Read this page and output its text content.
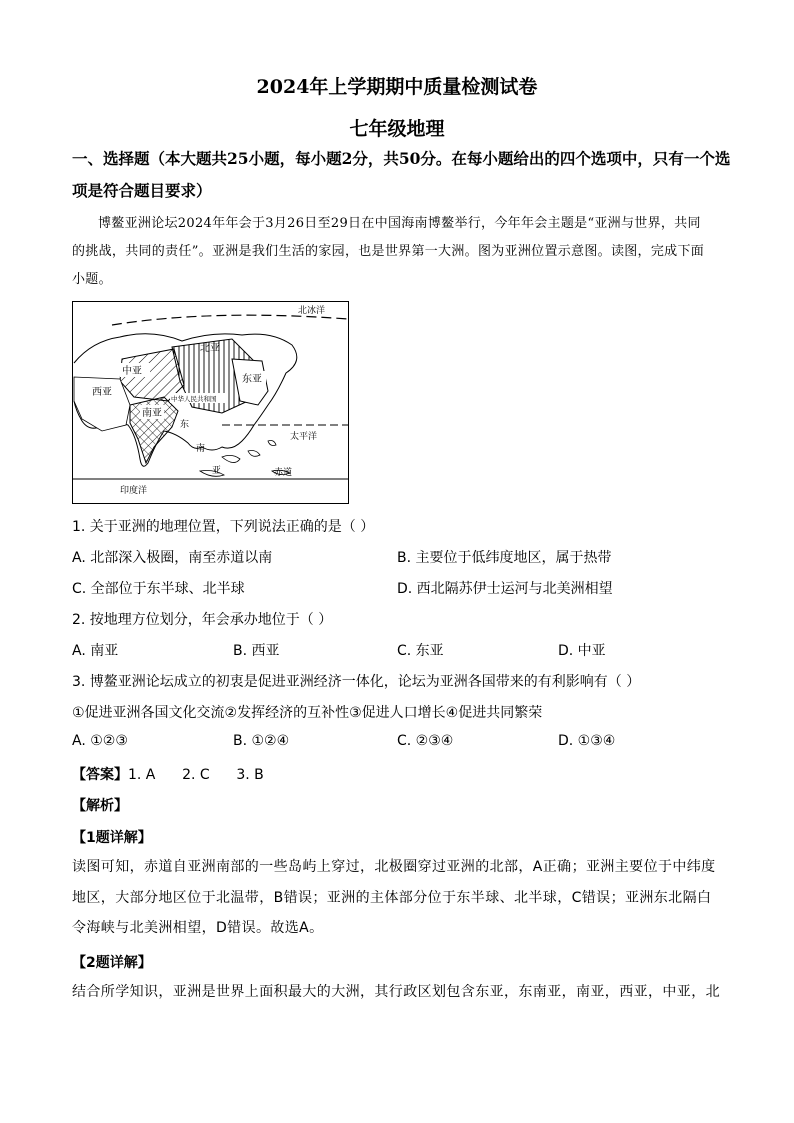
2024年上学期期中质量检测试卷
七年级地理
一、选择题（本大题共25小题，每小题2分，共50分。在每小题给出的四个选项中，只有一个选项是符合题目要求）
博鳌亚洲论坛2024年年会于3月26日至29日在中国海南博鳌举行，今年年会主题是“亚洲与世界，共同的挑战，共同的责任”。亚洲是我们生活的家园，也是世界第一大洲。图为亚洲位置示意图。读图，完成下面小题。
北冰洋
北亚
中亚
东亚
西亚
南亚
中华人民共和国
东
南
亚
太平洋
赤道
印度洋
1. 关于亚洲的地理位置，下列说法正确的是（ ）
A. 北部深入极圈，南至赤道以南	B. 主要位于低纬度地区，属于热带
C. 全部位于东半球、北半球	D. 西北隔苏伊士运河与北美洲相望
2. 按地理方位划分，年会承办地位于（ ）
A. 南亚	B. 西亚	C. 东亚	D. 中亚
3. 博鳌亚洲论坛成立的初衷是促进亚洲经济一体化，论坛为亚洲各国带来的有利影响有（ ）
①促进亚洲各国文化交流②发挥经济的互补性③促进人口增长④促进共同繁荣
A. ①②③	B. ①②④	C. ②③④	D. ①③④
【答案】1. A      2. C      3. B
【解析】
【1题详解】
读图可知，赤道自亚洲南部的一些岛屿上穿过，北极圈穿过亚洲的北部，A正确；亚洲主要位于中纬度地区，大部分地区位于北温带，B错误；亚洲的主体部分位于东半球、北半球，C错误；亚洲东北隔白令海峡与北美洲相望，D错误。故选A。
【2题详解】
结合所学知识，亚洲是世界上面积最大的大洲，其行政区划包含东亚，东南亚，南亚，西亚，中亚，北
